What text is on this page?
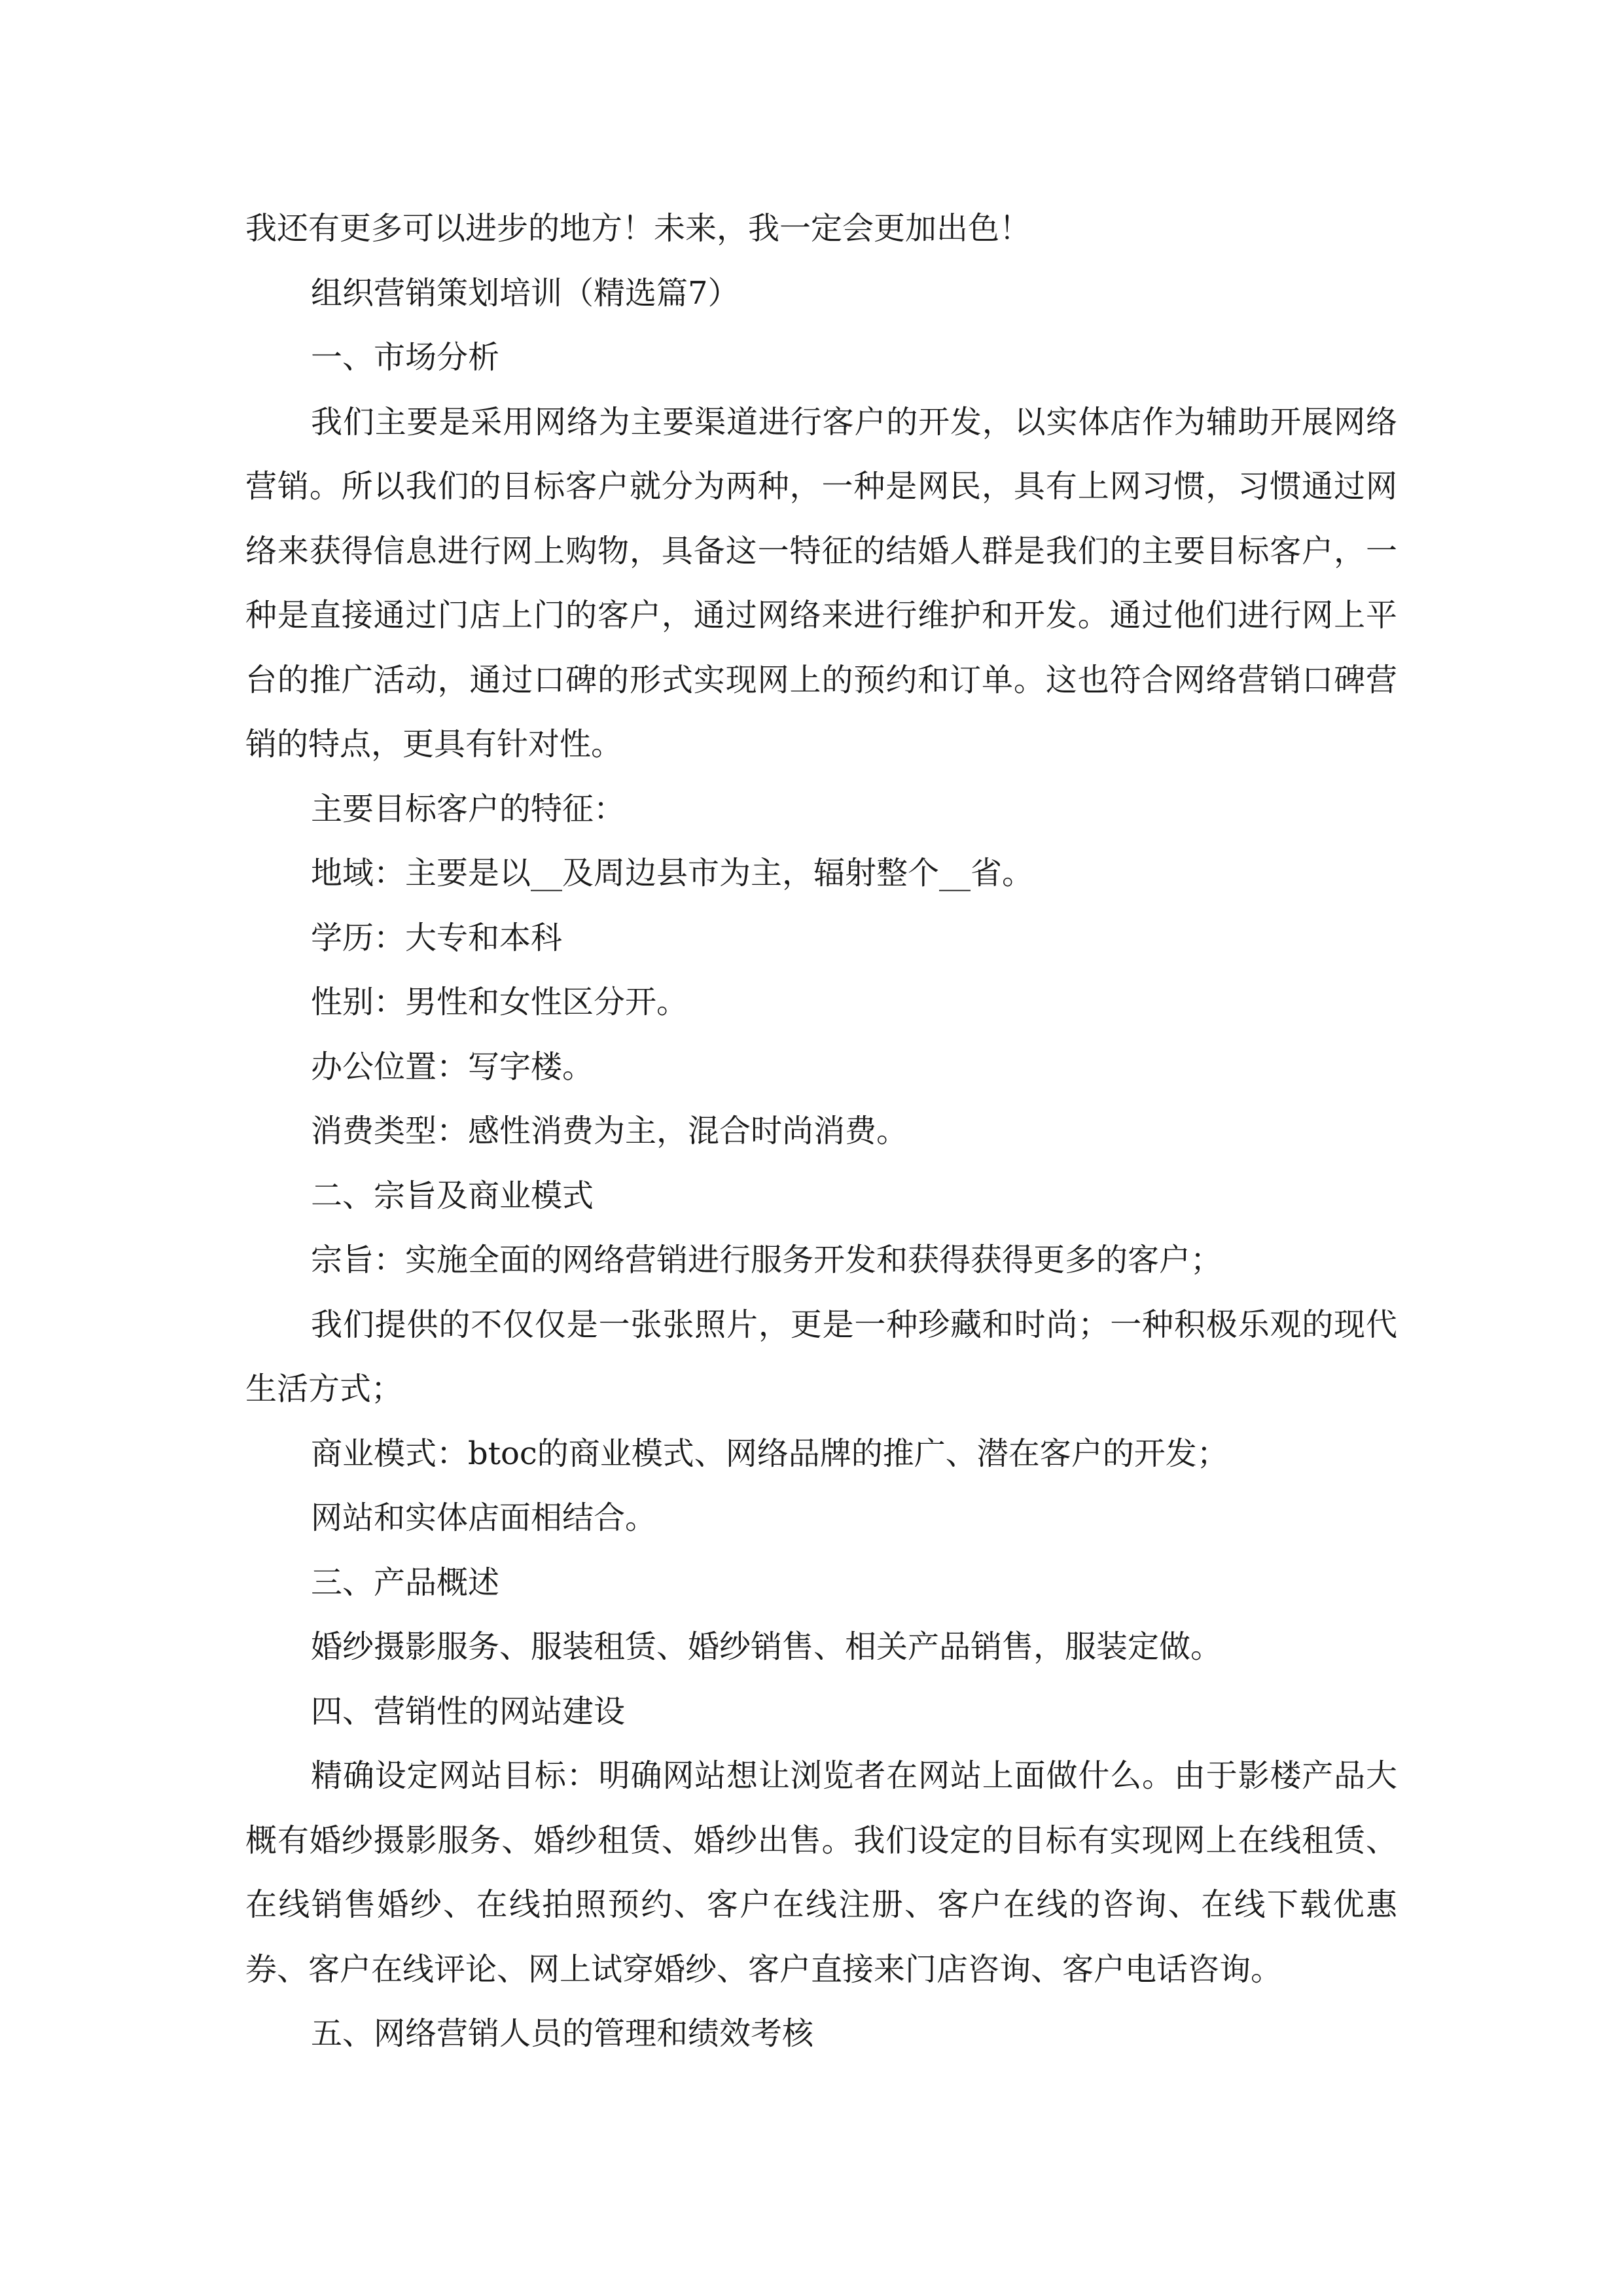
我还有更多可以进步的地方！未来，我一定会更加出色！

组织营销策划培训（精选篇7）

一、市场分析

我们主要是采用网络为主要渠道进行客户的开发，以实体店作为辅助开展网络营销。所以我们的目标客户就分为两种，一种是网民，具有上网习惯，习惯通过网络来获得信息进行网上购物，具备这一特征的结婚人群是我们的主要目标客户，一种是直接通过门店上门的客户，通过网络来进行维护和开发。通过他们进行网上平台的推广活动，通过口碑的形式实现网上的预约和订单。这也符合网络营销口碑营销的特点，更具有针对性。

主要目标客户的特征：

地域：主要是以__及周边县市为主，辐射整个__省。

学历：大专和本科

性别：男性和女性区分开。

办公位置：写字楼。

消费类型：感性消费为主，混合时尚消费。

二、宗旨及商业模式

宗旨：实施全面的网络营销进行服务开发和获得获得更多的客户；

我们提供的不仅仅是一张张照片，更是一种珍藏和时尚；一种积极乐观的现代生活方式；

商业模式：btoc的商业模式、网络品牌的推广、潜在客户的开发；

网站和实体店面相结合。

三、产品概述

婚纱摄影服务、服装租赁、婚纱销售、相关产品销售，服装定做。

四、营销性的网站建设

精确设定网站目标：明确网站想让浏览者在网站上面做什么。由于影楼产品大概有婚纱摄影服务、婚纱租赁、婚纱出售。我们设定的目标有实现网上在线租赁、在线销售婚纱、在线拍照预约、客户在线注册、客户在线的咨询、在线下载优惠券、客户在线评论、网上试穿婚纱、客户直接来门店咨询、客户电话咨询。

五、网络营销人员的管理和绩效考核
